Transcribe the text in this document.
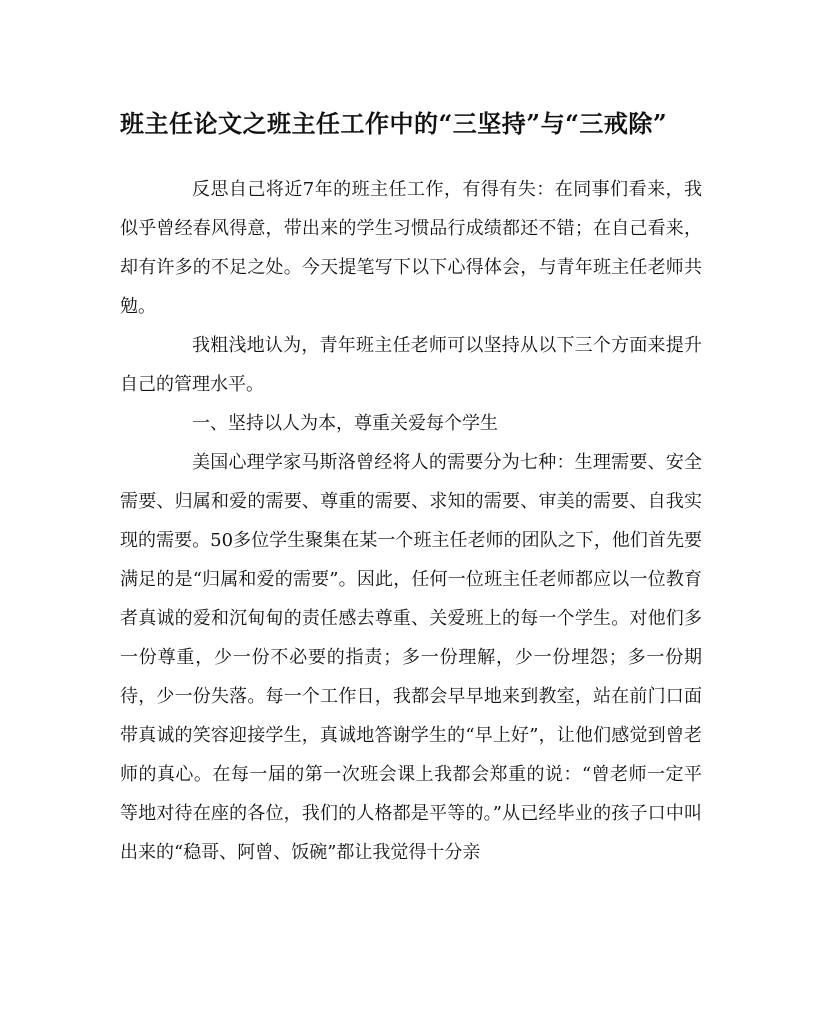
班主任论文之班主任工作中的“三坚持”与“三戒除”

反思自己将近7年的班主任工作，有得有失：在同事们看来，我似乎曾经春风得意，带出来的学生习惯品行成绩都还不错；在自己看来，却有许多的不足之处。今天提笔写下以下心得体会，与青年班主任老师共勉。

我粗浅地认为，青年班主任老师可以坚持从以下三个方面来提升自己的管理水平。

一、坚持以人为本，尊重关爱每个学生

美国心理学家马斯洛曾经将人的需要分为七种：生理需要、安全需要、归属和爱的需要、尊重的需要、求知的需要、审美的需要、自我实现的需要。50多位学生聚集在某一个班主任老师的团队之下，他们首先要满足的是“归属和爱的需要”。因此，任何一位班主任老师都应以一位教育者真诚的爱和沉甸甸的责任感去尊重、关爱班上的每一个学生。对他们多一份尊重，少一份不必要的指责；多一份理解，少一份埋怨；多一份期待，少一份失落。每一个工作日，我都会早早地来到教室，站在前门口面带真诚的笑容迎接学生，真诚地答谢学生的“早上好”，让他们感觉到曾老师的真心。在每一届的第一次班会课上我都会郑重的说：“曾老师一定平等地对待在座的各位，我们的人格都是平等的。”从已经毕业的孩子口中叫出来的“稳哥、阿曾、饭碗”都让我觉得十分亲
